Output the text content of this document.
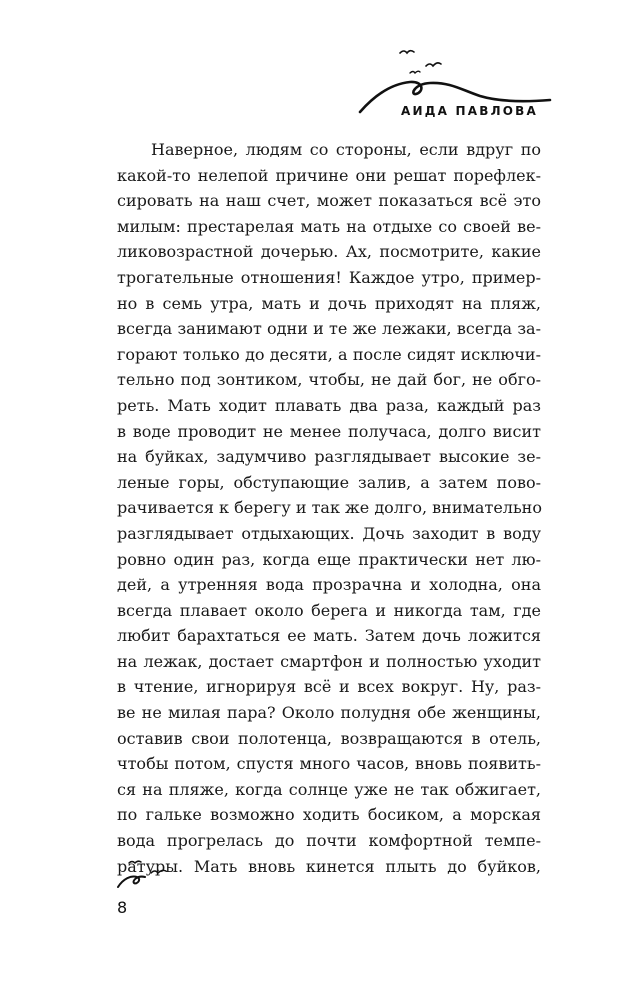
АИДА ПАВЛОВА
Наверное, людям со стороны, если вдруг по
какой-то нелепой причине они решат порефлек-
сировать на наш счет, может показаться всё это
милым: престарелая мать на отдыхе со своей ве-
ликовозрастной дочерью. Ах, посмотрите, какие
трогательные отношения! Каждое утро, пример-
но в семь утра, мать и дочь приходят на пляж,
всегда занимают одни и те же лежаки, всегда за-
горают только до десяти, а после сидят исключи-
тельно под зонтиком, чтобы, не дай бог, не обго-
реть. Мать ходит плавать два раза, каждый раз
в воде проводит не менее получаса, долго висит
на буйках, задумчиво разглядывает высокие зе-
леные горы, обступающие залив, а затем пово-
рачивается к берегу и так же долго, внимательно
разглядывает отдыхающих. Дочь заходит в воду
ровно один раз, когда еще практически нет лю-
дей, а утренняя вода прозрачна и холодна, она
всегда плавает около берега и никогда там, где
любит барахтаться ее мать. Затем дочь ложится
на лежак, достает смартфон и полностью уходит
в чтение, игнорируя всё и всех вокруг. Ну, раз-
ве не милая пара? Около полудня обе женщины,
оставив свои полотенца, возвращаются в отель,
чтобы потом, спустя много часов, вновь появить-
ся на пляже, когда солнце уже не так обжигает,
по гальке возможно ходить босиком, а морская
вода прогрелась до почти комфортной темпе-
ратуры. Мать вновь кинется плыть до буйков,
8
